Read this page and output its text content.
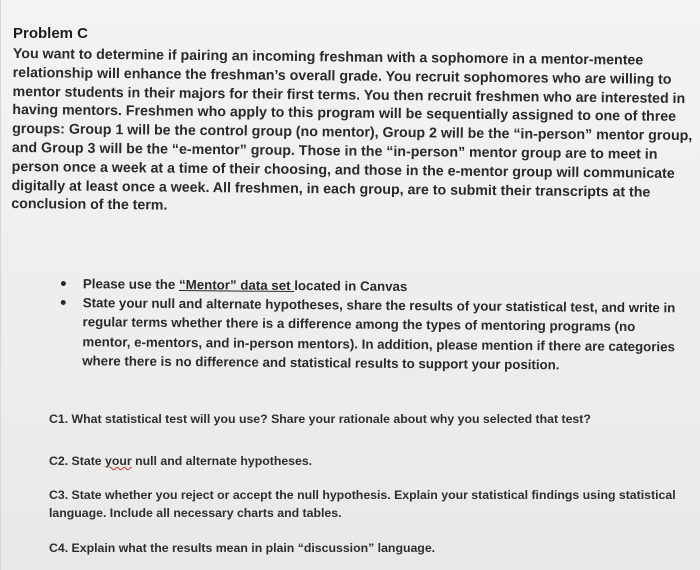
Problem C

You want to determine if pairing an incoming freshman with a sophomore in a mentor-mentee relationship will enhance the freshman’s overall grade. You recruit sophomores who are willing to mentor students in their majors for their first terms. You then recruit freshmen who are interested in having mentors. Freshmen who apply to this program will be sequentially assigned to one of three groups: Group 1 will be the control group (no mentor), Group 2 will be the “in-person” mentor group, and Group 3 will be the “e-mentor” group. Those in the “in-person” mentor group are to meet in person once a week at a time of their choosing, and those in the e-mentor group will communicate digitally at least once a week. All freshmen, in each group, are to submit their transcripts at the conclusion of the term.

Please use the “Mentor” data set located in Canvas
State your null and alternate hypotheses, share the results of your statistical test, and write in regular terms whether there is a difference among the types of mentoring programs (no mentor, e-mentors, and in-person mentors). In addition, please mention if there are categories where there is no difference and statistical results to support your position.

C1. What statistical test will you use? Share your rationale about why you selected that test?

C2. State your null and alternate hypotheses.

C3. State whether you reject or accept the null hypothesis. Explain your statistical findings using statistical language. Include all necessary charts and tables.

C4. Explain what the results mean in plain “discussion” language.
